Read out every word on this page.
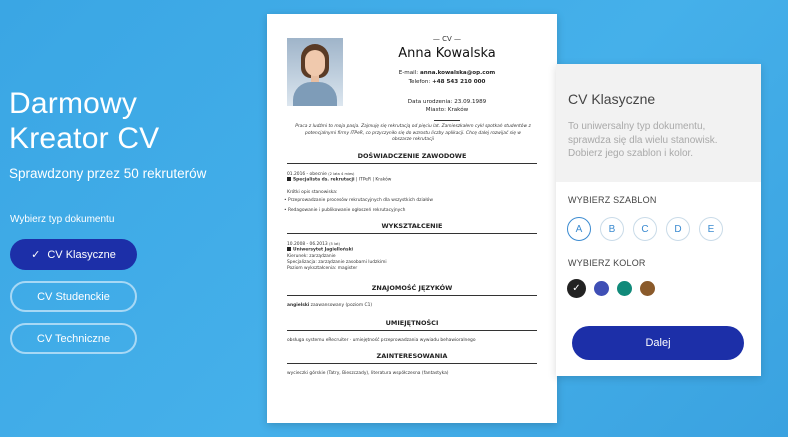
Darmowy
Kreator CV
Sprawdzony przez 50 rekruterów
Wybierz typ dokumentu
✓ CV Klasyczne
CV Studenckie
CV Techniczne
— CV —
Anna Kowalska
E-mail: anna.kowalska@op.com
Telefon: +48 543 210 000
Data urodzenia: 23.09.1989
Miasto: Kraków
Praca z ludźmi to moja pasja. Zajmuję się rekrutacją od pięciu lat. Zamieszkałem cykl spotkań studentów z potencjalnymi firmy ITPeR, co przyczyniło się do wzrostu liczby aplikacji. Chcę dalej rozwijać się w obszarze rekrutacji
DOŚWIADCZENIE ZAWODOWE
01.2016 - obecnie (2 lata 4 mies)
Specjalista ds. rekrutacji | ITPeR | Kraków
Krótki opis stanowiska:
• Przeprowadzanie procesów rekrutacyjnych dla wszystkich działów
• Redagowanie i publikowanie ogłoszeń rekrutacyjnych
WYKSZTAŁCENIE
10.2008 - 06.2013 (5 lat)
Uniwersytet Jagielloński
Kierunek: zarządzanie
Specjalizacja: zarządzanie zasobami ludzkimi
Poziom wykształcenia: magister
ZNAJOMOŚĆ JĘZYKÓW
angielski zaawansowany (poziom C1)
UMIEJĘTNOŚCI
obsługa systemu eRecruiter · umiejętność przeprowadzania wywiadu behawioralnego
ZAINTERESOWANIA
wycieczki górskie (Tatry, Bieszczady), literatura współczesna (fantastyka)
CV Klasyczne
To uniwersalny typ dokumentu, sprawdza się dla wielu stanowisk. Dobierz jego szablon i kolor.
WYBIERZ SZABLON
A	B	C	D	E
WYBIERZ KOLOR
✓
Dalej
